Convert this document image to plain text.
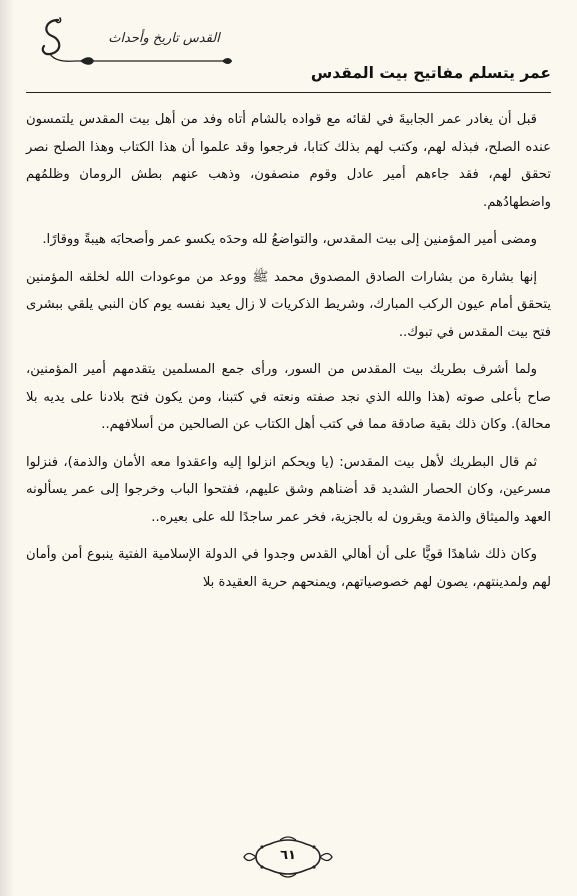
القدس تاريخ وأحداث
عمر يتسلم مفاتيح بيت المقدس

قبل أن يغادر عمر الجابيةَ في لقائه مع قواده بالشام أتاه وفد من أهل بيت المقدس يلتمسون عنده الصلح، فبذله لهم، وكتب لهم بذلك كتابا، فرجعوا وقد علموا أن هذا الكتاب وهذا الصلح نصر تحقق لهم، فقد جاءهم أمير عادل وقوم منصفون، وذهب عنهم بطش الرومان وظلمُهم واضطهادُهم.

ومضى أمير المؤمنين إلى بيت المقدس، والتواضعُ لله وحدَه يكسو عمر وأصحابَه هيبةً ووقارًا.

إنها بشارة من بشارات الصادق المصدوق محمد ﷺ ووعد من موعودات الله لخلقه المؤمنين يتحقق أمام عيون الركب المبارك، وشريط الذكريات لا زال يعيد نفسه يوم كان النبي يلقي ببشرى فتح بيت المقدس في تبوك..

ولما أشرف بطريك بيت المقدس من السور، ورأى جمع المسلمين يتقدمهم أمير المؤمنين، صاح بأعلى صوته (هذا والله الذي نجد صفته ونعته في كتبنا، ومن يكون فتح بلادنا على يديه بلا محالة). وكان ذلك بقية صادقة مما في كتب أهل الكتاب عن الصالحين من أسلافهم..

ثم قال البطريك لأهل بيت المقدس: (يا ويحكم انزلوا إليه واعقدوا معه الأمان والذمة)، فنزلوا مسرعين، وكان الحصار الشديد قد أضناهم وشق عليهم، ففتحوا الباب وخرجوا إلى عمر يسألونه العهد والميثاق والذمة ويقرون له بالجزية، فخر عمر ساجدًا لله على بعيره..

وكان ذلك شاهدًا قويًّا على أن أهالي القدس وجدوا في الدولة الإسلامية الفتية ينبوع أمن وأمان لهم ولمدينتهم، يصون لهم خصوصياتهم، ويمنحهم حرية العقيدة بلا

٦١
